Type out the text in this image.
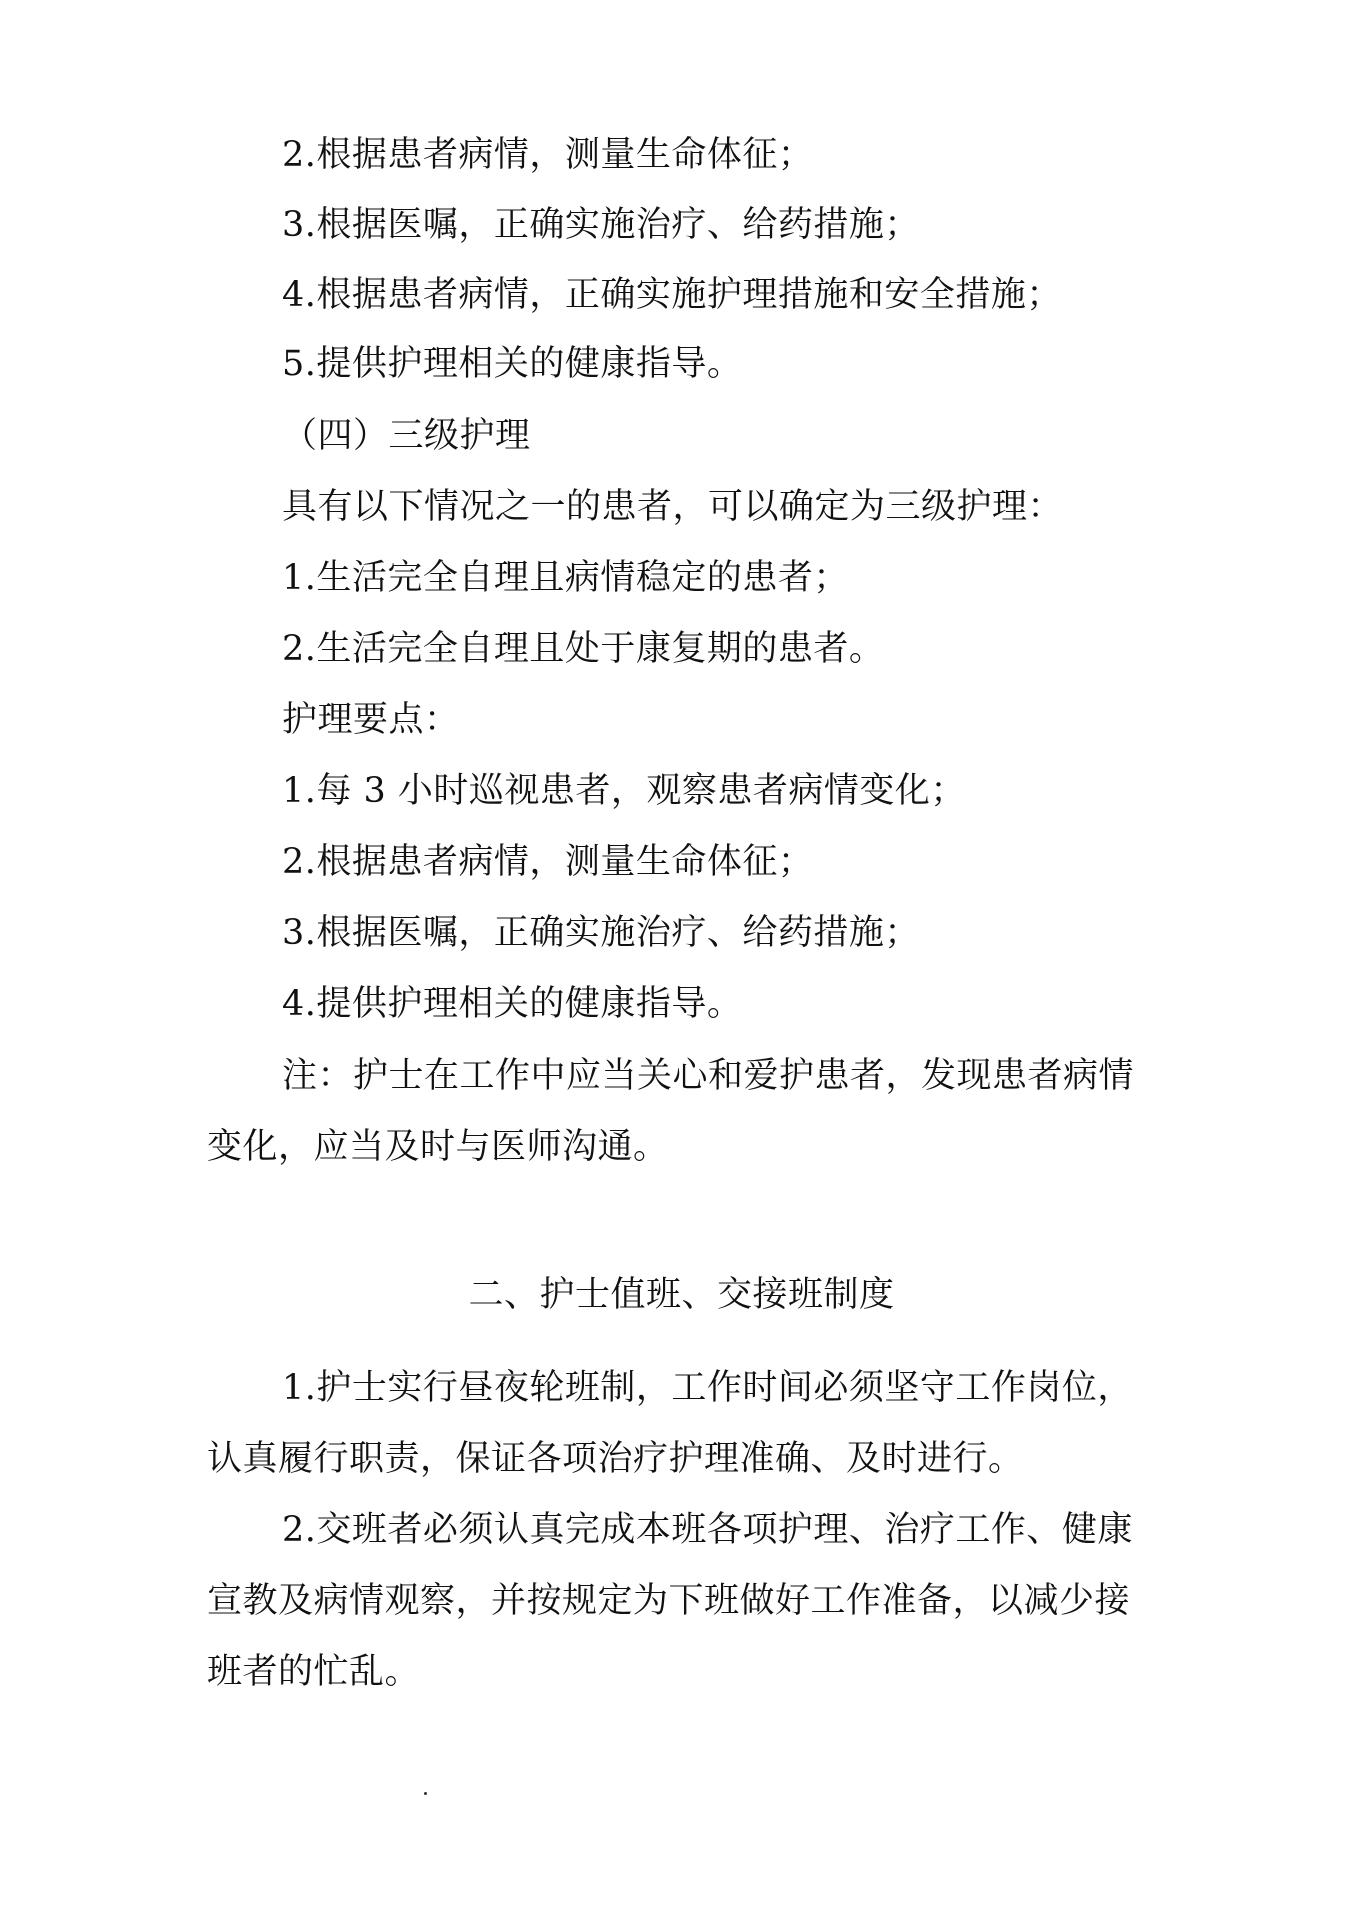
2.根据患者病情，测量生命体征；
3.根据医嘱，正确实施治疗、给药措施；
4.根据患者病情，正确实施护理措施和安全措施；
5.提供护理相关的健康指导。
（四）三级护理
具有以下情况之一的患者，可以确定为三级护理：
1.生活完全自理且病情稳定的患者；
2.生活完全自理且处于康复期的患者。
护理要点：
1.每 3 小时巡视患者，观察患者病情变化；
2.根据患者病情，测量生命体征；
3.根据医嘱，正确实施治疗、给药措施；
4.提供护理相关的健康指导。
注：护士在工作中应当关心和爱护患者，发现患者病情
变化，应当及时与医师沟通。
二、护士值班、交接班制度
1.护士实行昼夜轮班制，工作时间必须坚守工作岗位，
认真履行职责，保证各项治疗护理准确、及时进行。
2.交班者必须认真完成本班各项护理、治疗工作、健康
宣教及病情观察，并按规定为下班做好工作准备，以减少接
班者的忙乱。
